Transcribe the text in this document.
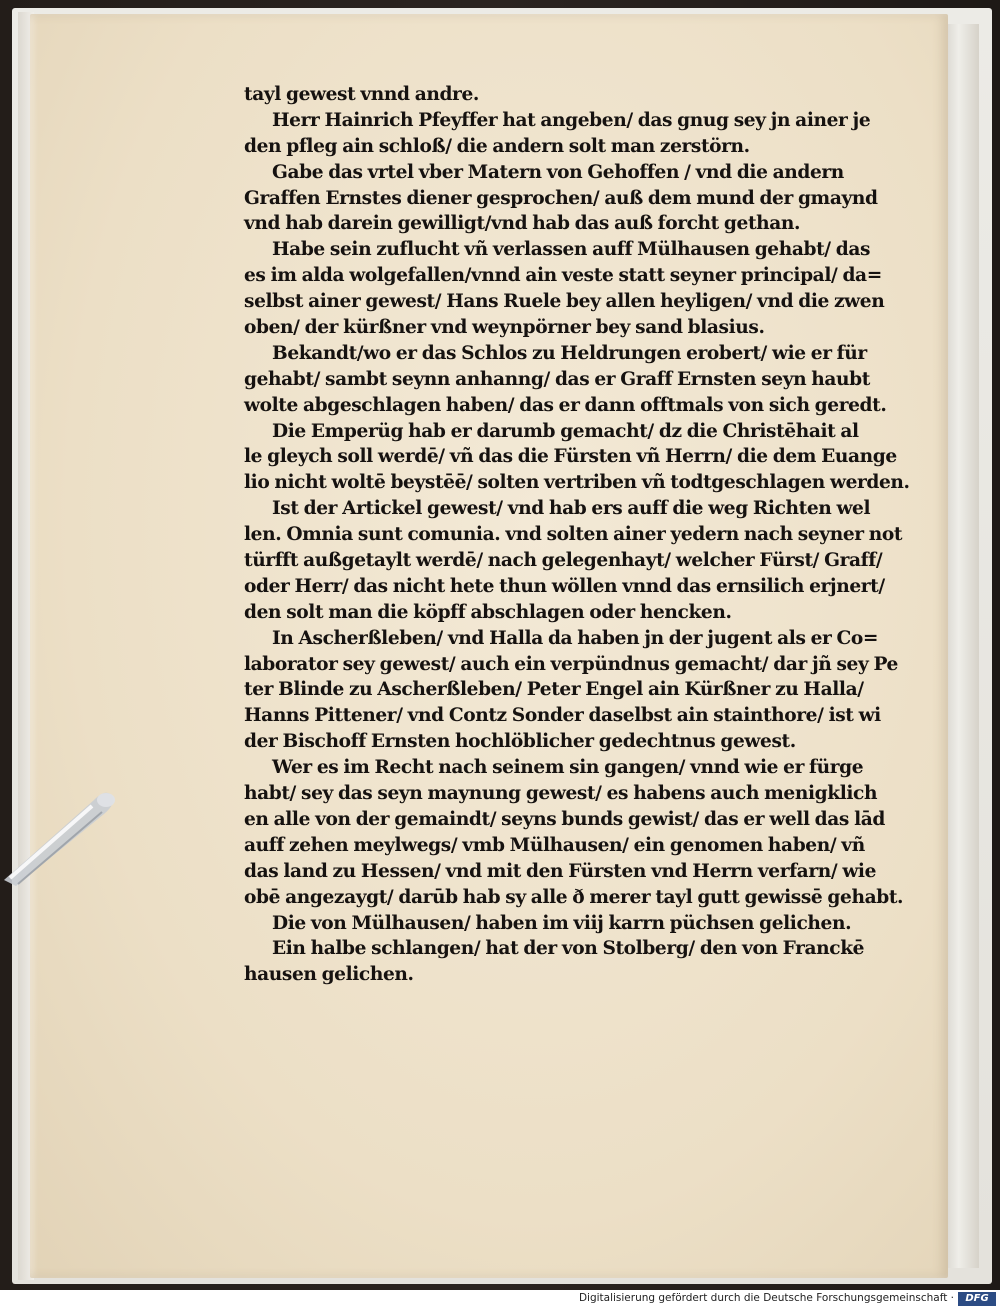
tayl gewest vnnd andre.
Herr Hainrich Pfeyffer hat angeben/ das gnug sey jn ainer je
den pfleg ain schloß/ die andern solt man zerstörn.
Gabe das vrtel vber Matern von Gehoffen / vnd die andern
Graffen Ernstes diener gesprochen/ auß dem mund der gmaynd
vnd hab darein gewilligt/vnd hab das auß forcht gethan.
Habe sein zuflucht vñ verlassen auff Mülhausen gehabt/ das
es im alda wolgefallen/vnnd ain veste statt seyner principal/ da=
selbst ainer gewest/ Hans Ruele bey allen heyligen/ vnd die zwen
oben/ der kürßner vnd weynpörner bey sand blasius.
Bekandt/wo er das Schlos zu Heldrungen erobert/ wie er für
gehabt/ sambt seynn anhanng/ das er Graff Ernsten seyn haubt
wolte abgeschlagen haben/ das er dann offtmals von sich geredt.
Die Emperüg hab er darumb gemacht/ dz die Christēhait al
le gleych soll werdē/ vñ das die Fürsten vñ Herrn/ die dem Euange
lio nicht woltē beystēē/ solten vertriben vñ todtgeschlagen werden.
Ist der Artickel gewest/ vnd hab ers auff die weg Richten wel
len. Omnia sunt comunia. vnd solten ainer yedern nach seyner not
türfft außgetaylt werdē/ nach gelegenhayt/ welcher Fürst/ Graff/
oder Herr/ das nicht hete thun wöllen vnnd das ernsilich erjnert/
den solt man die köpff abschlagen oder hencken.
In Ascherßleben/ vnd Halla da haben jn der jugent als er Co=
laborator sey gewest/ auch ein verpündnus gemacht/ dar jñ sey Pe
ter Blinde zu Ascherßleben/ Peter Engel ain Kürßner zu Halla/
Hanns Pittener/ vnd Contz Sonder daselbst ain stainthore/ ist wi
der Bischoff Ernsten hochlöblicher gedechtnus gewest.
Wer es im Recht nach seinem sin gangen/ vnnd wie er fürge
habt/ sey das seyn maynung gewest/ es habens auch menigklich
en alle von der gemaindt/ seyns bunds gewist/ das er well das lād
auff zehen meylwegs/ vmb Mülhausen/ ein genomen haben/ vñ
das land zu Hessen/ vnd mit den Fürsten vnd Herrn verfarn/ wie
obē angezaygt/ darūb hab sy alle ð merer tayl gutt gewissē gehabt.
Die von Mülhausen/ haben im viij karrn püchsen gelichen.
Ein halbe schlangen/ hat der von Stolberg/ den von Franckē
hausen gelichen.
Digitalisierung gefördert durch die Deutsche Forschungsgemeinschaft ·	DFG
